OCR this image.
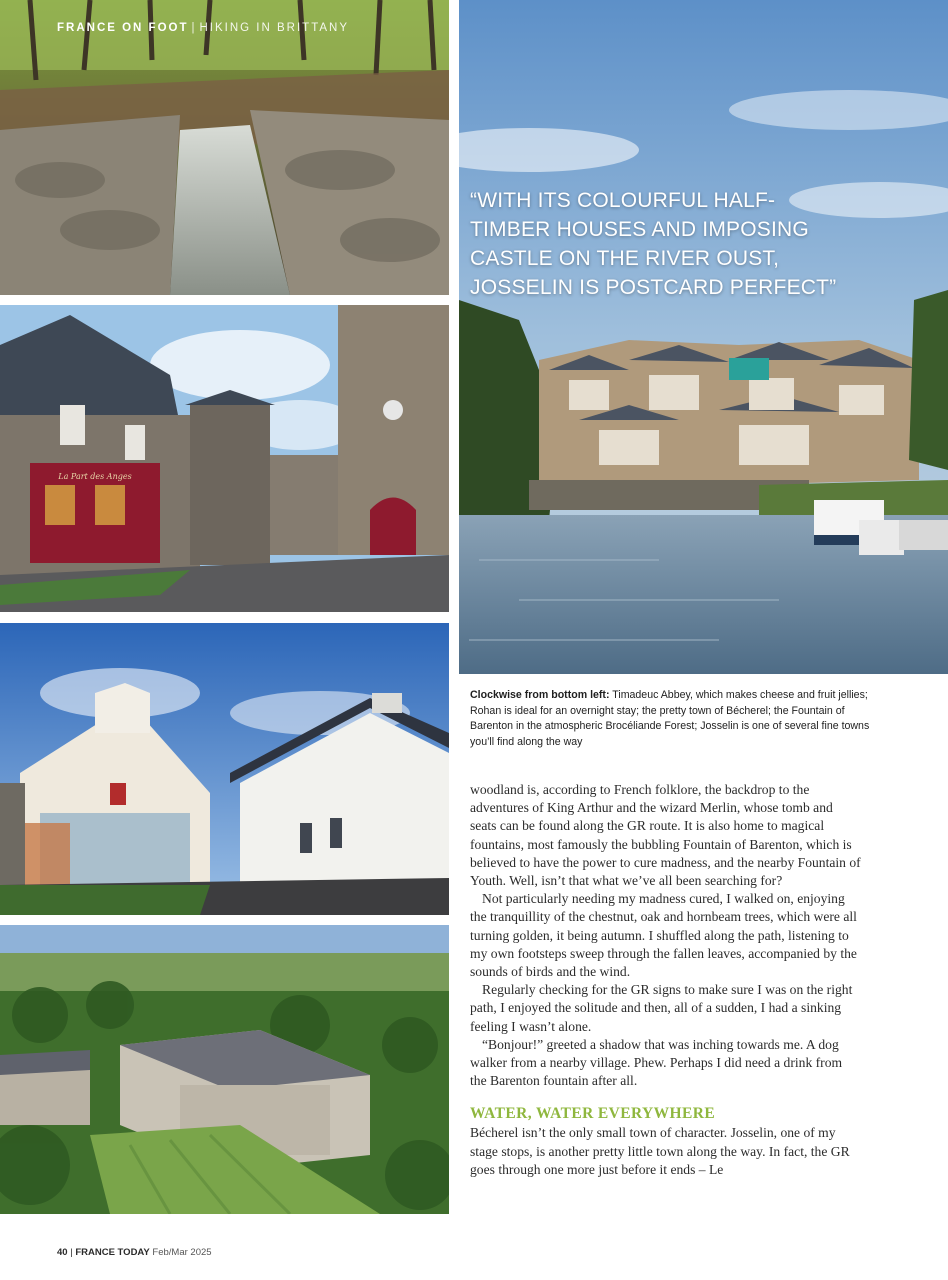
FRANCE ON FOOT | HIKING IN BRITTANY
La Part des Anges
“WITH ITS COLOURFUL HALF-TIMBER HOUSES AND IMPOSING CASTLE ON THE RIVER OUST, JOSSELIN IS POSTCARD PERFECT”
Clockwise from bottom left: Timadeuc Abbey, which makes cheese and fruit jellies; Rohan is ideal for an overnight stay; the pretty town of Bécherel; the Fountain of Barenton in the atmospheric Brocéliande Forest; Josselin is one of several fine towns you’ll find along the way

woodland is, according to French folklore, the backdrop to the adventures of King Arthur and the wizard Merlin, whose tomb and seats can be found along the GR route. It is also home to magical fountains, most famously the bubbling Fountain of Barenton, which is believed to have the power to cure madness, and the nearby Fountain of Youth. Well, isn’t that what we’ve all been searching for?

Not particularly needing my madness cured, I walked on, enjoying the tranquillity of the chestnut, oak and hornbeam trees, which were all turning golden, it being autumn. I shuffled along the path, listening to my own footsteps sweep through the fallen leaves, accompanied by the sounds of birds and the wind.

Regularly checking for the GR signs to make sure I was on the right path, I enjoyed the solitude and then, all of a sudden, I had a sinking feeling I wasn’t alone.

“Bonjour!” greeted a shadow that was inching towards me. A dog walker from a nearby village. Phew. Perhaps I did need a drink from the Barenton fountain after all.

WATER, WATER EVERYWHERE

Bécherel isn’t the only small town of character. Josselin, one of my stage stops, is another pretty little town along the way. In fact, the GR goes through one more just before it ends – Le

40 | FRANCE TODAY Feb/Mar 2025
